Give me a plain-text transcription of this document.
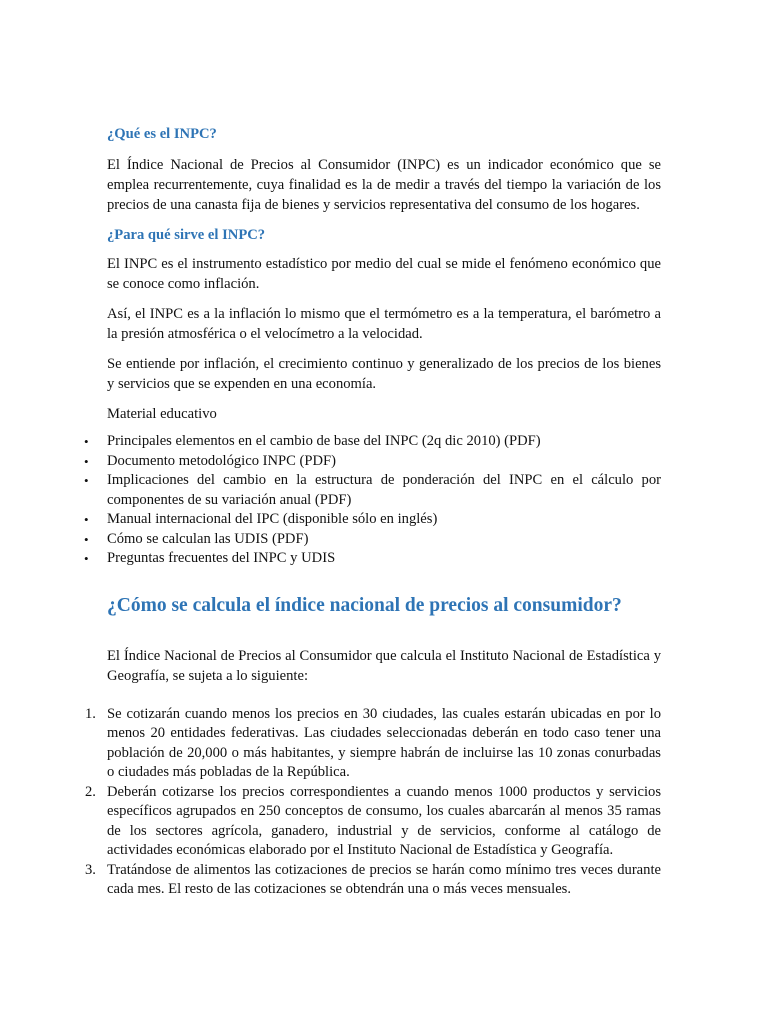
¿Qué es el INPC?

El Índice Nacional de Precios al Consumidor (INPC) es un indicador económico que se emplea recurrentemente, cuya finalidad es la de medir a través del tiempo la variación de los precios de una canasta fija de bienes y servicios representativa del consumo de los hogares.

¿Para qué sirve el INPC?

El INPC es el instrumento estadístico por medio del cual se mide el fenómeno económico que se conoce como inflación.

Así, el INPC es a la inflación lo mismo que el termómetro es a la temperatura, el barómetro a la presión atmosférica o el velocímetro a la velocidad.

Se entiende por inflación, el crecimiento continuo y generalizado de los precios de los bienes y servicios que se expenden en una economía.

Material educativo
• Principales elementos en el cambio de base del INPC (2q dic 2010) (PDF)
• Documento metodológico INPC (PDF)
• Implicaciones del cambio en la estructura de ponderación del INPC en el cálculo por componentes de su variación anual (PDF)
• Manual internacional del IPC (disponible sólo en inglés)
• Cómo se calculan las UDIS (PDF)
• Preguntas frecuentes del INPC y UDIS
¿Cómo se calcula el índice nacional de precios al consumidor?

El Índice Nacional de Precios al Consumidor que calcula el Instituto Nacional de Estadística y Geografía, se sujeta a lo siguiente:

1. Se cotizarán cuando menos los precios en 30 ciudades, las cuales estarán ubicadas en por lo menos 20 entidades federativas. Las ciudades seleccionadas deberán en todo caso tener una población de 20,000 o más habitantes, y siempre habrán de incluirse las 10 zonas conurbadas o ciudades más pobladas de la República.
2. Deberán cotizarse los precios correspondientes a cuando menos 1000 productos y servicios específicos agrupados en 250 conceptos de consumo, los cuales abarcarán al menos 35 ramas de los sectores agrícola, ganadero, industrial y de servicios, conforme al catálogo de actividades económicas elaborado por el Instituto Nacional de Estadística y Geografía.
3. Tratándose de alimentos las cotizaciones de precios se harán como mínimo tres veces durante cada mes. El resto de las cotizaciones se obtendrán una o más veces mensuales.
